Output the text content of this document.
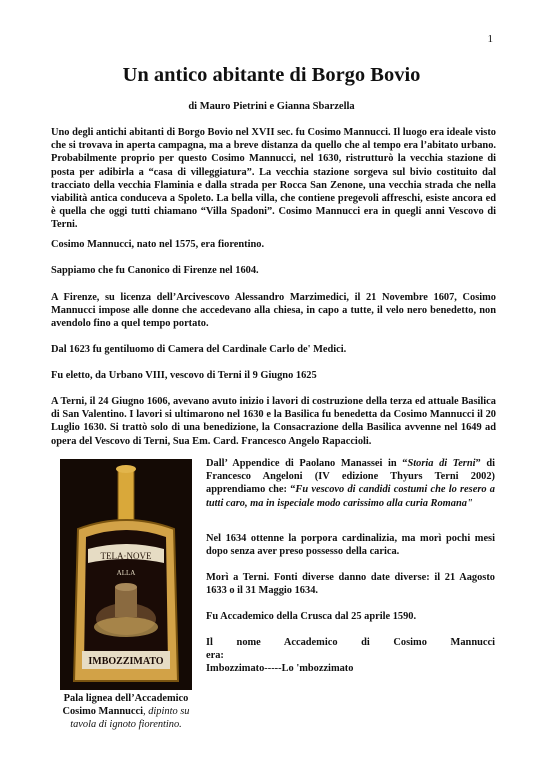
1
Un antico abitante di Borgo Bovio
di Mauro Pietrini e Gianna Sbarzella

Uno degli antichi abitanti di Borgo Bovio nel XVII sec. fu Cosimo Mannucci. Il luogo era ideale visto che si trovava in aperta campagna, ma a breve distanza da quello che al tempo era l’abitato urbano. Probabilmente proprio per questo Cosimo Mannucci, nel 1630, ristrutturò la vecchia stazione di posta per adibirla a “casa di villeggiatura”. La vecchia stazione sorgeva sul bivio costituito dal tracciato della vecchia Flaminia e dalla strada per Rocca San Zenone, una vecchia strada che nella viabilità antica conduceva a Spoleto. La bella villa, che contiene pregevoli affreschi, esiste ancora ed è quella che oggi tutti chiamano “Villa Spadoni”. Cosimo Mannucci era in quegli anni Vescovo di Terni.

Cosimo Mannucci, nato nel 1575, era fiorentino.

Sappiamo che fu Canonico di Firenze nel 1604.

A Firenze, su licenza dell’Arcivescovo Alessandro Marzimedici, il 21 Novembre 1607, Cosimo Mannucci impose alle donne che accedevano alla chiesa, in capo a tutte, il velo nero benedetto, non avendolo fino a quel tempo portato.

Dal 1623 fu gentiluomo di Camera del Cardinale Carlo de' Medici.

Fu eletto, da Urbano VIII, vescovo di Terni il 9 Giugno 1625

A Terni, il 24 Giugno 1606, avevano avuto inizio i lavori di costruzione della terza ed attuale Basilica di San Valentino. I lavori si ultimarono nel 1630 e la Basilica fu benedetta da Cosimo Mannucci il 20 Luglio 1630. Si trattò solo di una benedizione, la Consacrazione della Basilica avvenne nel 1649 ad opera del Vescovo di Terni, Sua Em. Card. Francesco Angelo Rapaccioli.

TELA·NOVE
ALLA
IMBOZZIMATO
Pala lignea dell’Accademico Cosimo Mannucci, dipinto su tavola di ignoto fiorentino.

Dall’ Appendice di Paolano Manassei in “Storia di Terni” di Francesco Angeloni (IV edizione Thyurs Terni 2002) apprendiamo che: “Fu vescovo di candidi costumi che lo resero a tutti caro, ma in ispeciale modo carissimo alla curia Romana"

Nel 1634 ottenne la porpora cardinalizia, ma morì pochi mesi dopo senza aver preso possesso della carica.

Morì a Terni. Fonti diverse danno date diverse: il 21 Aagosto 1633 o il 31 Maggio 1634.

Fu Accademico della Crusca dal 25 aprile 1590.

Il nome Accademico di Cosimo Mannucci era:
Imbozzimato-----Lo 'mbozzimato
